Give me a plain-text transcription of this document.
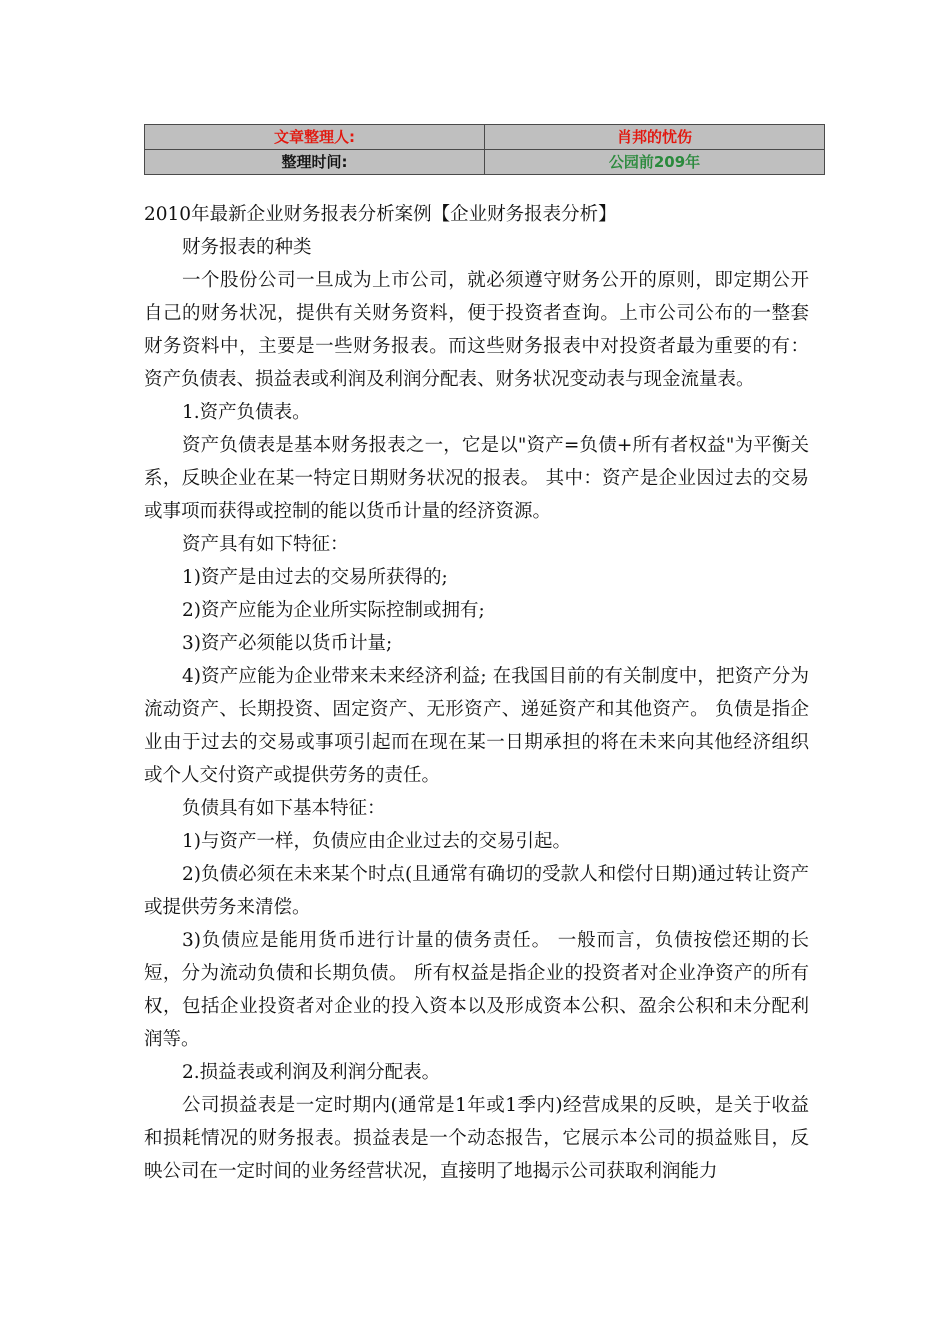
文章整理人:	肖邦的忧伤
整理时间:	公园前209年

2010年最新企业财务报表分析案例【企业财务报表分析】

财务报表的种类

一个股份公司一旦成为上市公司，就必须遵守财务公开的原则，即定期公开自己的财务状况，提供有关财务资料，便于投资者查询。上市公司公布的一整套财务资料中，主要是一些财务报表。而这些财务报表中对投资者最为重要的有：资产负债表、损益表或利润及利润分配表、财务状况变动表与现金流量表。

1.资产负债表。

资产负债表是基本财务报表之一，它是以"资产=负债+所有者权益"为平衡关系，反映企业在某一特定日期财务状况的报表。 其中：资产是企业因过去的交易或事项而获得或控制的能以货币计量的经济资源。

资产具有如下特征：

1)资产是由过去的交易所获得的;

2)资产应能为企业所实际控制或拥有;

3)资产必须能以货币计量;

4)资产应能为企业带来未来经济利益; 在我国目前的有关制度中，把资产分为流动资产、长期投资、固定资产、无形资产、递延资产和其他资产。 负债是指企业由于过去的交易或事项引起而在现在某一日期承担的将在未来向其他经济组织或个人交付资产或提供劳务的责任。

负债具有如下基本特征：

1)与资产一样，负债应由企业过去的交易引起。

2)负债必须在未来某个时点(且通常有确切的受款人和偿付日期)通过转让资产或提供劳务来清偿。

3)负债应是能用货币进行计量的债务责任。 一般而言，负债按偿还期的长短，分为流动负债和长期负债。 所有权益是指企业的投资者对企业净资产的所有权，包括企业投资者对企业的投入资本以及形成资本公积、盈余公积和未分配利润等。

2.损益表或利润及利润分配表。

公司损益表是一定时期内(通常是1年或1季内)经营成果的反映，是关于收益和损耗情况的财务报表。损益表是一个动态报告，它展示本公司的损益账目，反映公司在一定时间的业务经营状况，直接明了地揭示公司获取利润能力
